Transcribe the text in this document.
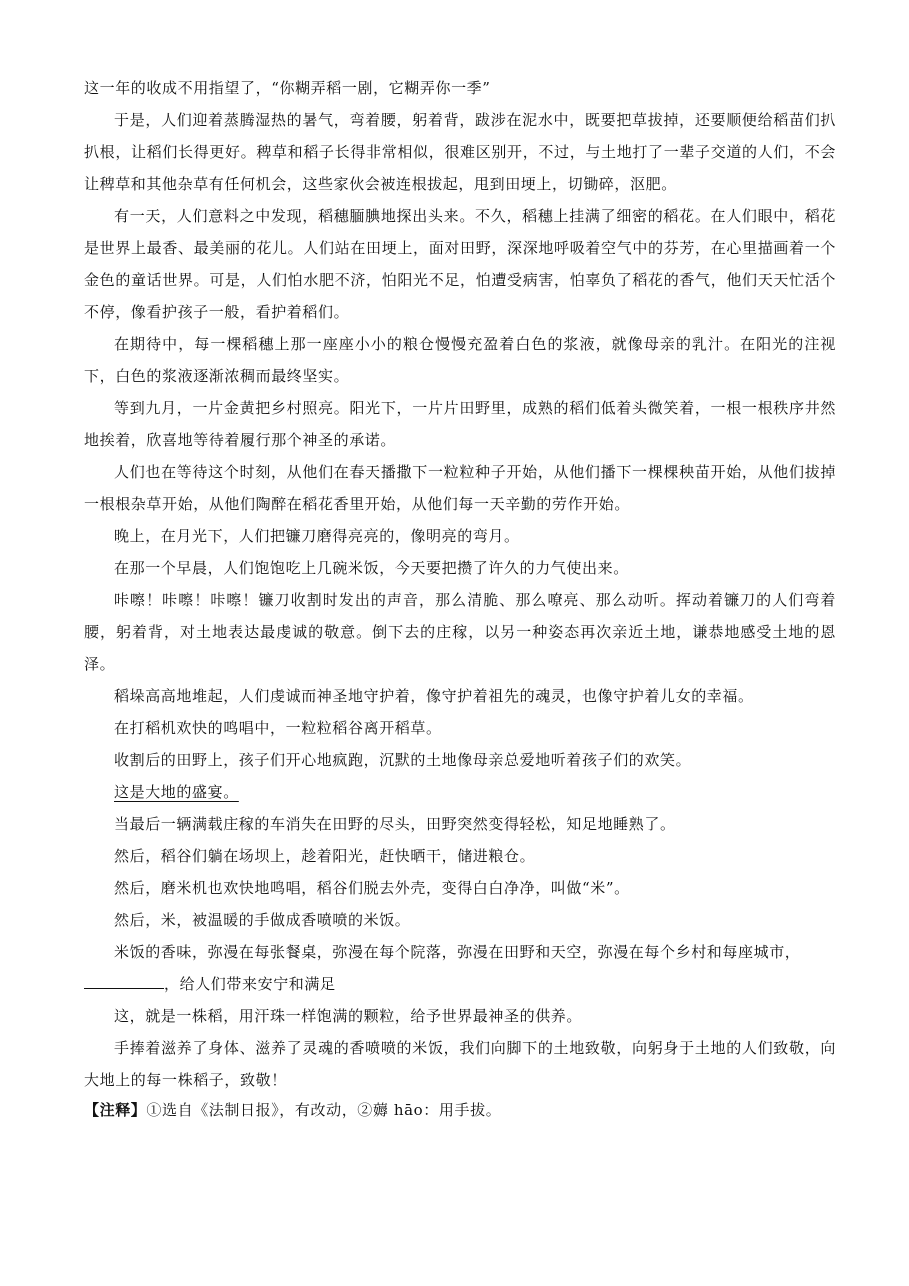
这一年的收成不用指望了，“你糊弄稻一剧，它糊弄你一季”

于是，人们迎着蒸腾湿热的暑气，弯着腰，躬着背，跋涉在泥水中，既要把草拔掉，还要顺便给稻苗们扒扒根，让稻们长得更好。稗草和稻子长得非常相似，很难区别开，不过，与土地打了一辈子交道的人们，不会让稗草和其他杂草有任何机会，这些家伙会被连根拔起，甩到田埂上，切锄碎，沤肥。

有一天，人们意料之中发现，稻穗腼腆地探出头来。不久，稻穗上挂满了细密的稻花。在人们眼中，稻花是世界上最香、最美丽的花儿。人们站在田埂上，面对田野，深深地呼吸着空气中的芬芳，在心里描画着一个金色的童话世界。可是，人们怕水肥不济，怕阳光不足，怕遭受病害，怕辜负了稻花的香气，他们天天忙活个不停，像看护孩子一般，看护着稻们。

在期待中，每一棵稻穗上那一座座小小的粮仓慢慢充盈着白色的浆液，就像母亲的乳汁。在阳光的注视下，白色的浆液逐渐浓稠而最终坚实。

等到九月，一片金黄把乡村照亮。阳光下，一片片田野里，成熟的稻们低着头微笑着，一根一根秩序井然地挨着，欣喜地等待着履行那个神圣的承诺。

人们也在等待这个时刻，从他们在春天播撒下一粒粒种子开始，从他们播下一棵棵秧苗开始，从他们拔掉一根根杂草开始，从他们陶醉在稻花香里开始，从他们每一天辛勤的劳作开始。

晚上，在月光下，人们把镰刀磨得亮亮的，像明亮的弯月。

在那一个早晨，人们饱饱吃上几碗米饭，今天要把攒了许久的力气使出来。

咔嚓！咔嚓！咔嚓！镰刀收割时发出的声音，那么清脆、那么嘹亮、那么动听。挥动着镰刀的人们弯着腰，躬着背，对土地表达最虔诚的敬意。倒下去的庄稼，以另一种姿态再次亲近土地，谦恭地感受土地的恩泽。

稻垛高高地堆起，人们虔诚而神圣地守护着，像守护着祖先的魂灵，也像守护着儿女的幸福。

在打稻机欢快的鸣唱中，一粒粒稻谷离开稻草。

收割后的田野上，孩子们开心地疯跑，沉默的土地像母亲总爱地听着孩子们的欢笑。

这是大地的盛宴。

当最后一辆满载庄稼的车消失在田野的尽头，田野突然变得轻松，知足地睡熟了。

然后，稻谷们躺在场坝上，趁着阳光，赶快晒干，储进粮仓。

然后，磨米机也欢快地鸣唱，稻谷们脱去外壳，变得白白净净，叫做“米”。

然后，米，被温暖的手做成香喷喷的米饭。

米饭的香味，弥漫在每张餐桌，弥漫在每个院落，弥漫在田野和天空，弥漫在每个乡村和每座城市，

，给人们带来安宁和满足

这，就是一株稻，用汗珠一样饱满的颗粒，给予世界最神圣的供养。

手捧着滋养了身体、滋养了灵魂的香喷喷的米饭，我们向脚下的土地致敬，向躬身于土地的人们致敬，向大地上的每一株稻子，致敬！

【注释】①选自《法制日报》，有改动，②薅 hāo：用手拔。
